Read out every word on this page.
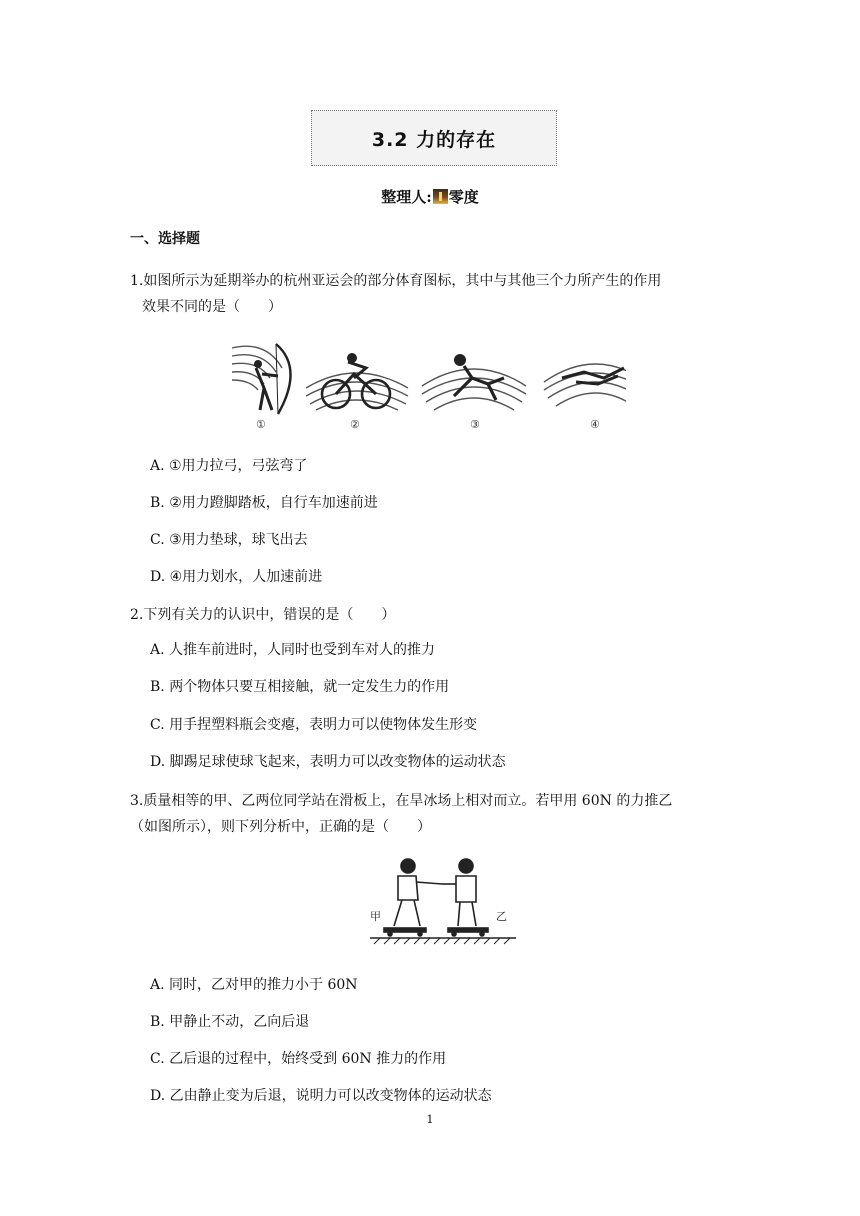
3.2 力的存在
整理人: 零度
一、选择题
1.如图所示为延期举办的杭州亚运会的部分体育图标，其中与其他三个力所产生的作用
效果不同的是（　　）
①	②	③	④
A. ①用力拉弓，弓弦弯了
B. ②用力蹬脚踏板，自行车加速前进
C. ③用力垫球，球飞出去
D. ④用力划水，人加速前进
2.下列有关力的认识中，错误的是（　　）
A. 人推车前进时，人同时也受到车对人的推力
B. 两个物体只要互相接触，就一定发生力的作用
C. 用手捏塑料瓶会变瘪，表明力可以使物体发生形变
D. 脚踢足球使球飞起来，表明力可以改变物体的运动状态
3.质量相等的甲、乙两位同学站在滑板上，在旱冰场上相对而立。若甲用 60N 的力推乙
（如图所示），则下列分析中，正确的是（　　）
甲	乙
A. 同时，乙对甲的推力小于 60N
B. 甲静止不动，乙向后退
C. 乙后退的过程中，始终受到 60N 推力的作用
D. 乙由静止变为后退，说明力可以改变物体的运动状态
1
